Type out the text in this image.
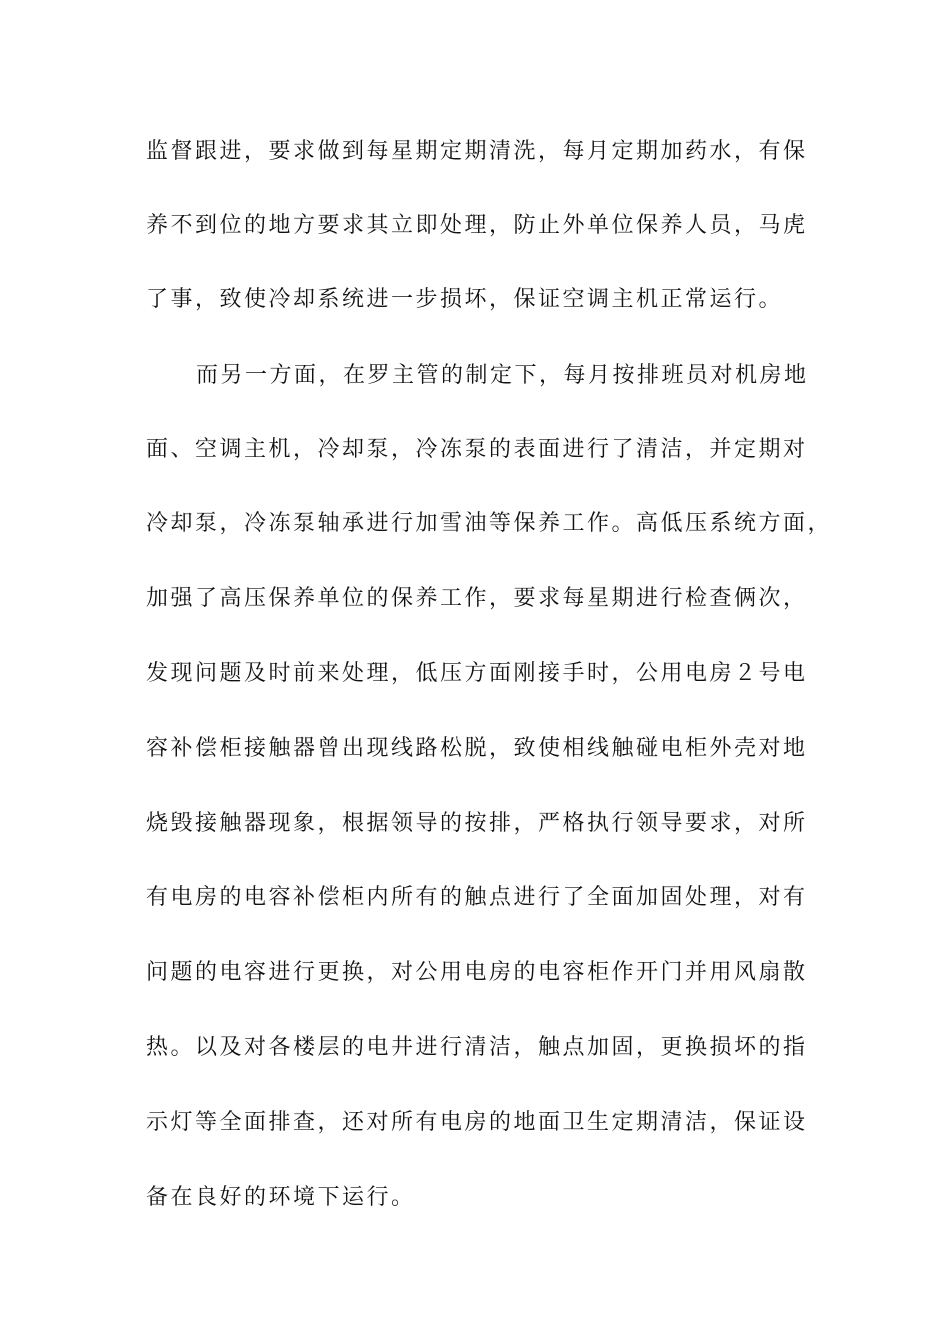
监督跟进，要求做到每星期定期清洗，每月定期加药水，有保

养不到位的地方要求其立即处理，防止外单位保养人员，马虎

了事，致使冷却系统进一步损坏，保证空调主机正常运行。

而另一方面，在罗主管的制定下，每月按排班员对机房地

面、空调主机，冷却泵，冷冻泵的表面进行了清洁，并定期对

冷却泵，冷冻泵轴承进行加雪油等保养工作。高低压系统方面，

加强了高压保养单位的保养工作，要求每星期进行检查俩次，

发现问题及时前来处理，低压方面刚接手时，公用电房２号电

容补偿柜接触器曾出现线路松脱，致使相线触碰电柜外壳对地

烧毁接触器现象，根据领导的按排，严格执行领导要求，对所

有电房的电容补偿柜内所有的触点进行了全面加固处理，对有

问题的电容进行更换，对公用电房的电容柜作开门并用风扇散

热。以及对各楼层的电井进行清洁，触点加固，更换损坏的指

示灯等全面排查，还对所有电房的地面卫生定期清洁，保证设

备在良好的环境下运行。
